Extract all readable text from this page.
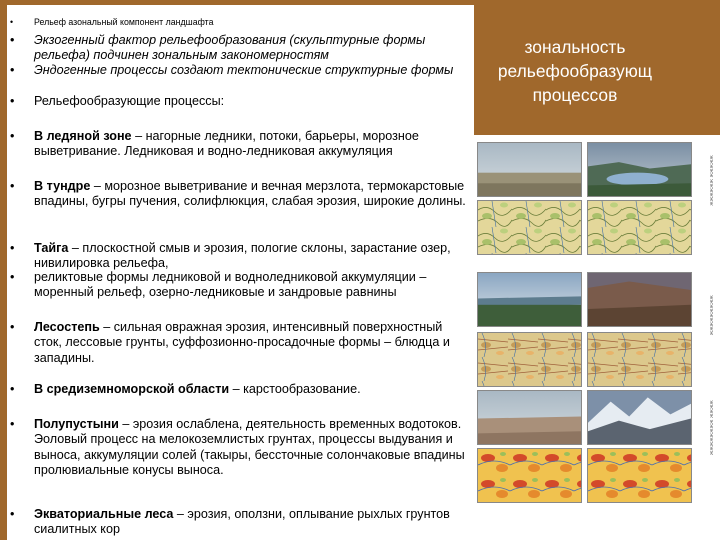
• Рельеф азональный компонент ландшафта
• Экзогенный фактор рельефообразования (скульптурные формы рельефа) подчинен зональным закономерностям
• Эндогенные процессы создают тектонические структурные формы
• Рельефообразующие процессы:
• В ледяной зоне – нагорные ледники, потоки, барьеры, морозное выветривание. Ледниковая и водно-ледниковая аккумуляция
• В тундре – морозное выветривание и вечная мерзлота, термокарстовые впадины, бугры пучения, солифлюкция, слабая эрозия, широкие долины.
• Тайга – плоскостной смыв и эрозия, пологие склоны, зарастание озер, нивилировка рельефа,
• реликтовые формы ледниковой и водноледниковой аккумуляции – моренный рельеф, озерно-ледниковые и зандровые равнины
• Лесостепь – сильная овражная эрозия, интенсивный поверхностный сток, лессовые грунты, суффозионно-просадочные формы – блюдца и западины.
• В средиземноморской области – карстообразование.
• Полупустыни – эрозия ослаблена, деятельность временных водотоков. Эоловый процесс на мелокоземлистых грунтах, процессы выдувания и выноса, аккумуляции солей (такыры, бессточные солончаковые впадины пролювиальные конусы выноса.
• Экваториальные леса – эрозия, оползни, оплывание рыхлых грунтов сиалитных кор
зональность
рельефообразующ
процессов
ЖЖЖЖЖЖ ЖЖЖЖЖ
ЖЖЖЖЖЖЖЖЖ
ЖЖЖЖЖЖЖЖ ЖЖЖЖ
